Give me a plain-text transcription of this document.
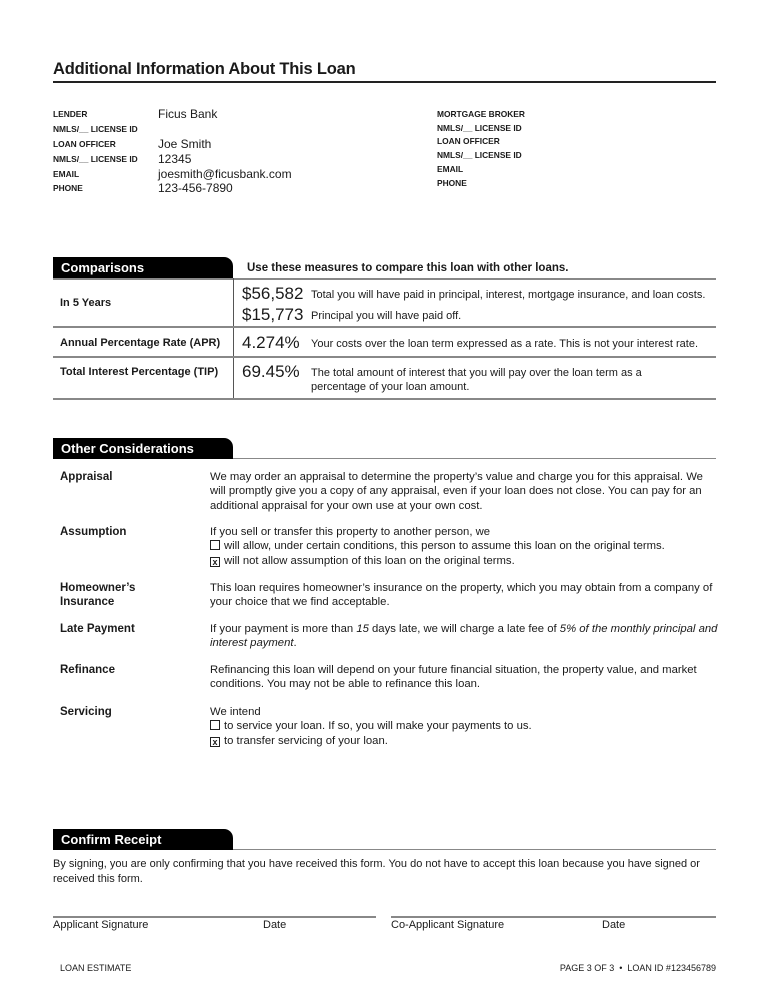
Additional Information About This Loan
LENDER	Ficus Bank
NMLS/__ LICENSE ID
LOAN OFFICER	Joe Smith
NMLS/__ LICENSE ID	12345
EMAIL	joesmith@ficusbank.com
PHONE	123-456-7890
MORTGAGE BROKER
NMLS/__ LICENSE ID
LOAN OFFICER
NMLS/__ LICENSE ID
EMAIL
PHONE
Comparisons	Use these measures to compare this loan with other loans.
In 5 Years	$56,582 Total you will have paid in principal, interest, mortgage insurance, and loan costs.
$15,773 Principal you will have paid off.
Annual Percentage Rate (APR) 4.274% Your costs over the loan term expressed as a rate. This is not your interest rate.
Total Interest Percentage (TIP) 69.45% The total amount of interest that you will pay over the loan term as a percentage of your loan amount.
Other Considerations
Appraisal	We may order an appraisal to determine the property’s value and charge you for this appraisal. We will promptly give you a copy of any appraisal, even if your loan does not close. You can pay for an additional appraisal for your own use at your own cost.
Assumption	If you sell or transfer this property to another person, we
will allow, under certain conditions, this person to assume this loan on the original terms.
x will not allow assumption of this loan on the original terms.
Homeowner’s
Insurance
This loan requires homeowner’s insurance on the property, which you may obtain from a company of your choice that we find acceptable.
Late Payment	If your payment is more than 15 days late, we will charge a late fee of 5% of the monthly principal and interest payment.
Refinance	Refinancing this loan will depend on your future financial situation, the property value, and market conditions. You may not be able to refinance this loan.
Servicing	We intend
to service your loan. If so, you will make your payments to us.
x to transfer servicing of your loan.
Confirm Receipt
By signing, you are only confirming that you have received this form. You do not have to accept this loan because you have signed or received this form.
Applicant Signature	Date	Co-Applicant Signature	Date
LOAN ESTIMATE	PAGE 3 OF 3  •  LOAN ID #123456789
